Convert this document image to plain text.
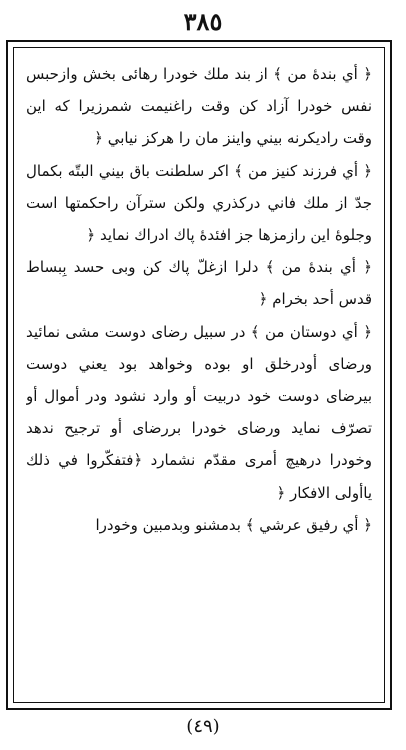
٣٨٥

﴿ أي بندهٔ من ﴾ از بند ملك خودرا رهائى بخش وازحبس نفس خودرا آزاد كن وقت راغنيمت شمرزيرا كه اين وقت راديكرنه بيني واينز مان را هركز نيابي ﴿

﴿ أي فرزند كنيز من ﴾ اكر سلطنت باق بيني البتّه بكمال جدّ از ملك فاني دركذري ولكن سترآن راحكمتها است وجلوهٔ اين رازمزها جز افئدهٔ پاك ادراك نمايد ﴿

﴿ أي بندهٔ من ﴾ دلرا ازغلّ پاك كن وبى حسد بِبساط قدس أحد بخرام ﴿

﴿ أي دوستان من ﴾ در سبيل رضاى دوست مشى نمائيد ورضاى أودرخلق او بوده وخواهد بود يعني دوست بيرضاى دوست خود دربيت أو وارد نشود ودر أموال أو تصرّف نمايد ورضاى خودرا بررضاى أو ترجيح ندهد وخودرا درهيچ أمرى مقدّم نشمارد ﴿فتفكّروا في ذلك ياأولى الافكار ﴿

﴿ أي رفيق عرشي ﴾ بدمشنو وبدمبين وخودرا

(٤٩)
